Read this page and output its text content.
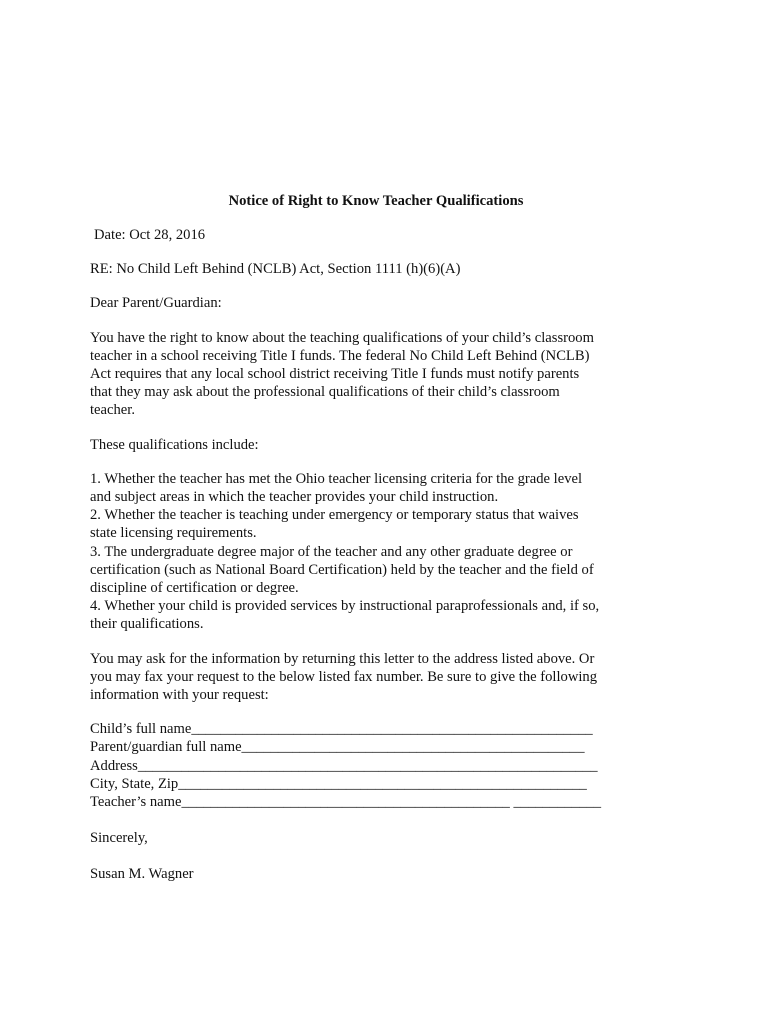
Notice of Right to Know Teacher Qualifications
Date: Oct 28, 2016
RE: No Child Left Behind (NCLB) Act, Section 1111 (h)(6)(A)
Dear Parent/Guardian:
You have the right to know about the teaching qualifications of your child’s classroom
teacher in a school receiving Title I funds. The federal No Child Left Behind (NCLB)
Act requires that any local school district receiving Title I funds must notify parents
that they may ask about the professional qualifications of their child’s classroom
teacher.
These qualifications include:
1. Whether the teacher has met the Ohio teacher licensing criteria for the grade level
and subject areas in which the teacher provides your child instruction.
2. Whether the teacher is teaching under emergency or temporary status that waives
state licensing requirements.
3. The undergraduate degree major of the teacher and any other graduate degree or
certification (such as National Board Certification) held by the teacher and the field of
discipline of certification or degree.
4. Whether your child is provided services by instructional paraprofessionals and, if so,
their qualifications.
You may ask for the information by returning this letter to the address listed above. Or
you may fax your request to the below listed fax number. Be sure to give the following
information with your request:
Child’s full name_______________________________________________________
Parent/guardian full name_______________________________________________
Address_______________________________________________________________
City, State, Zip________________________________________________________
Teacher’s name_____________________________________________ ____________
Sincerely,
Susan M. Wagner
